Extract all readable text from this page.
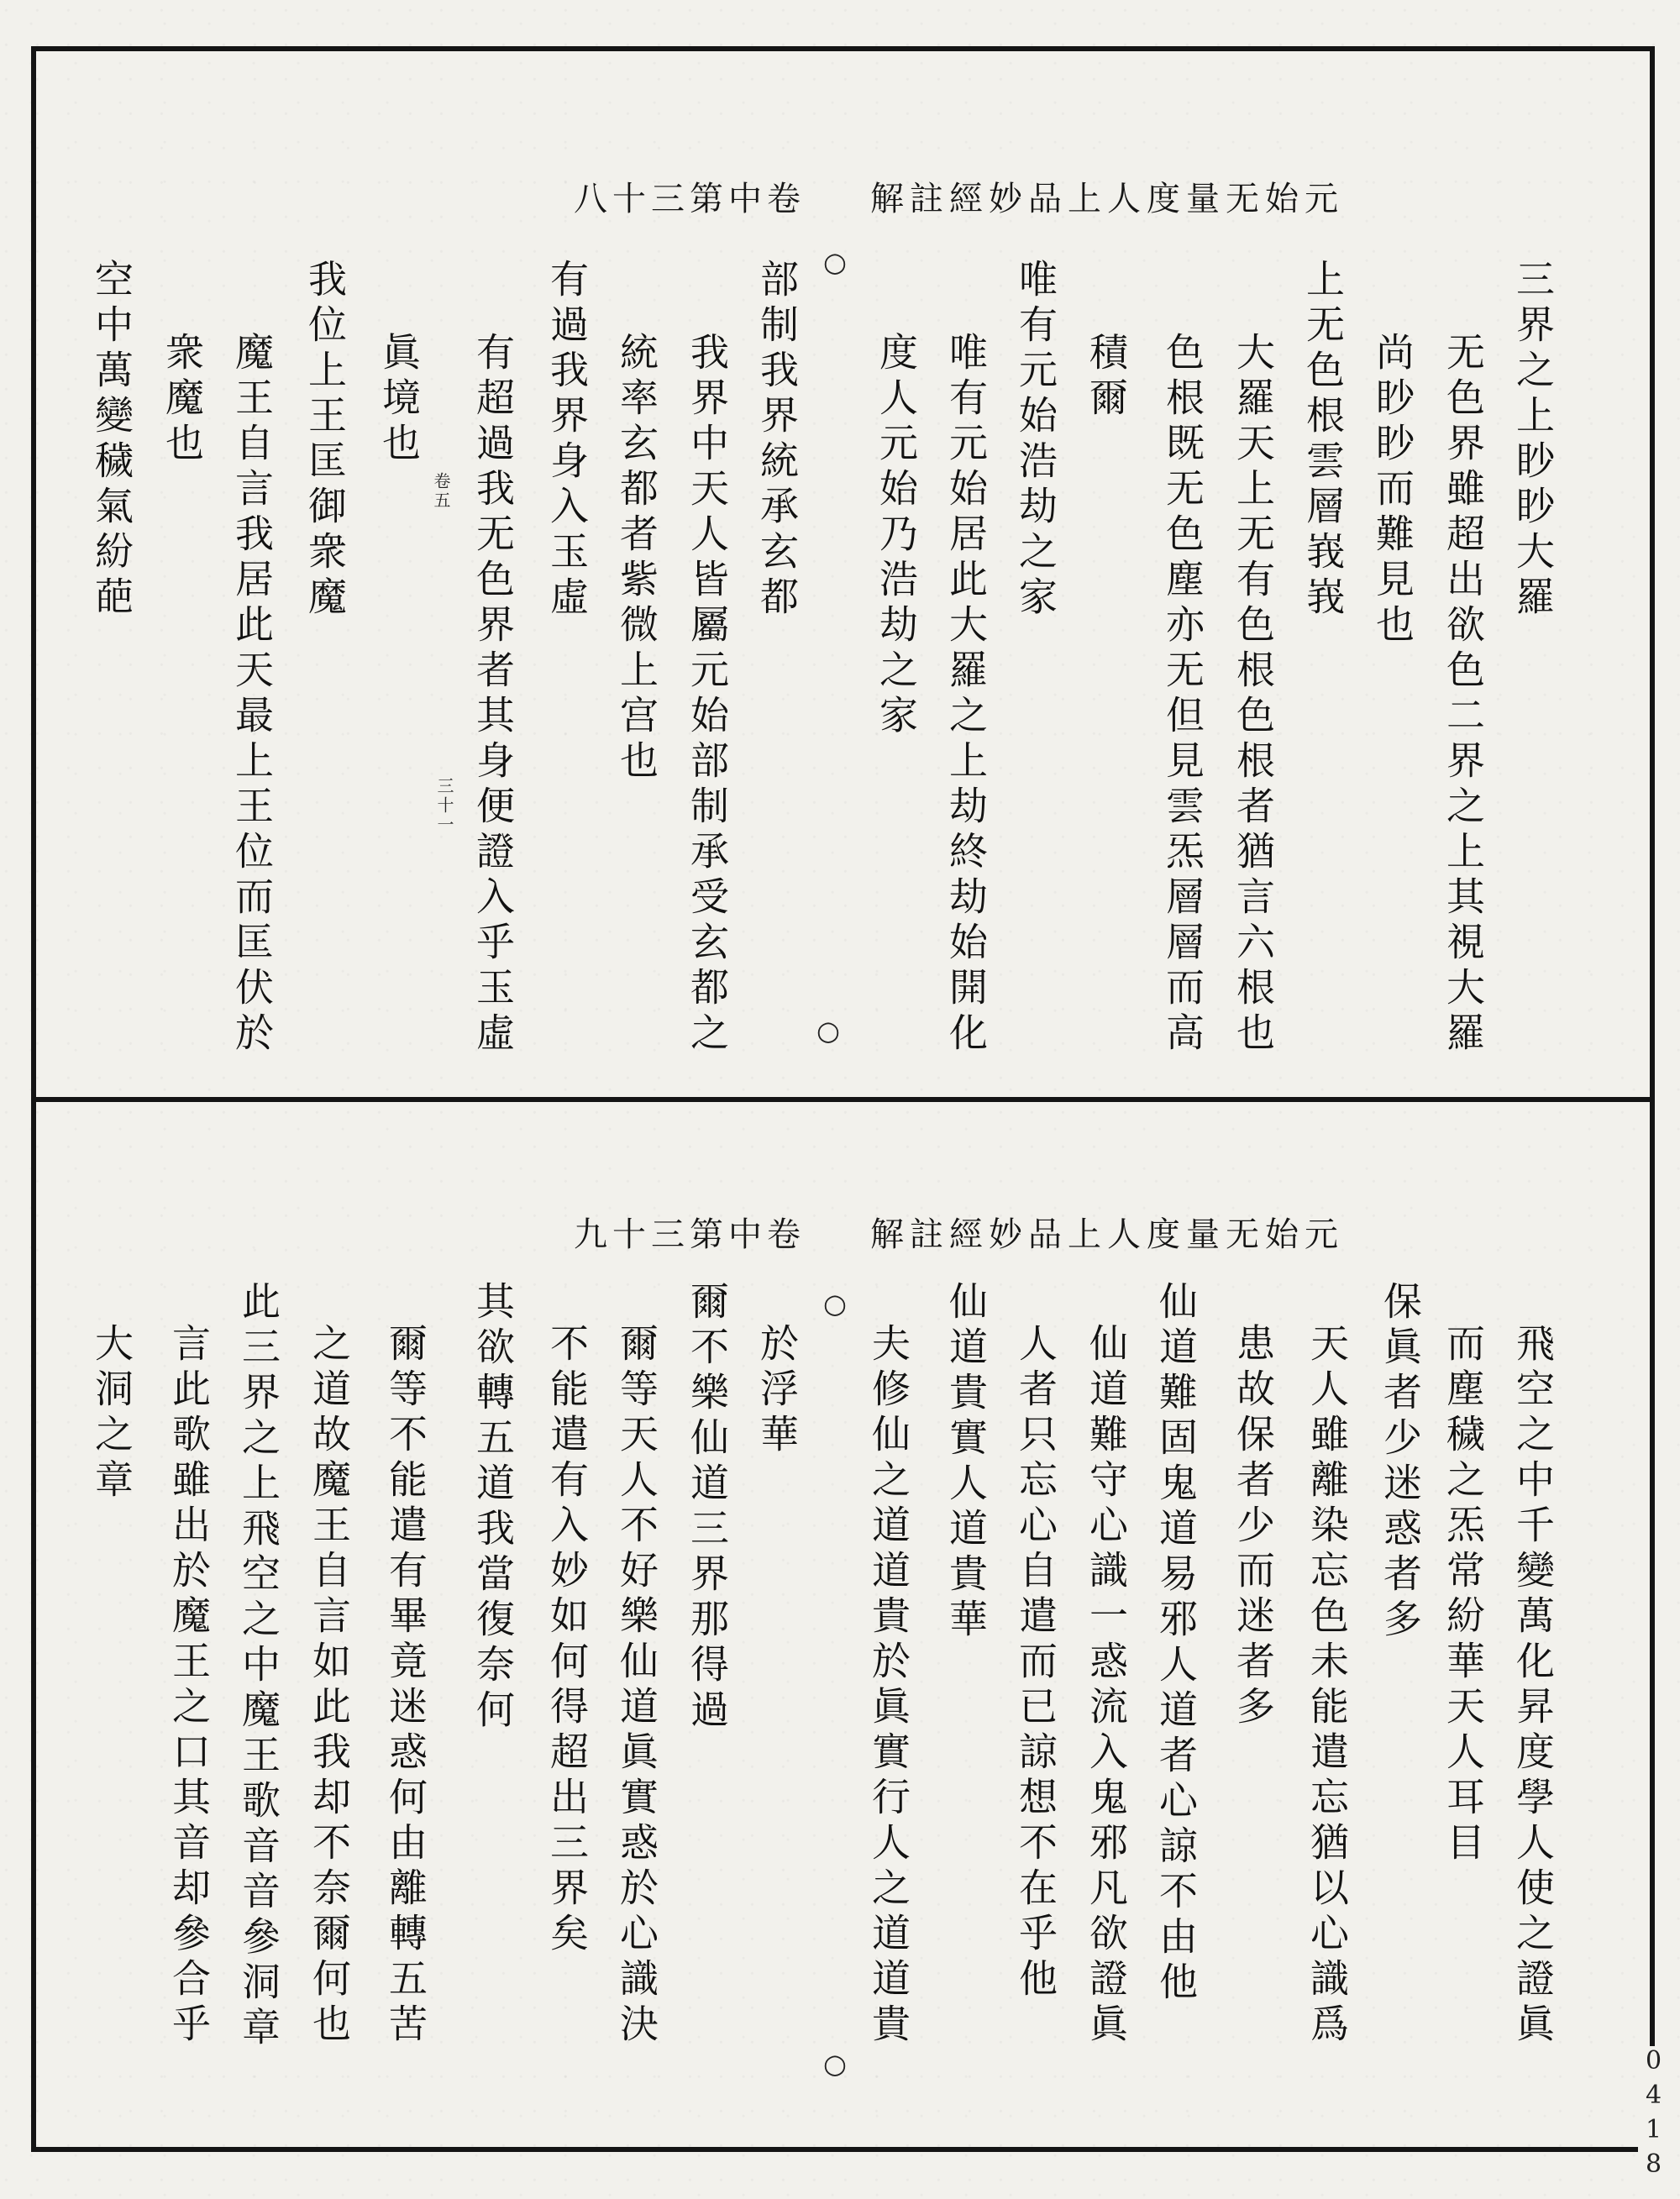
元始无量度人上品妙經註解
卷中第三十八
三界之上眇眇大羅
无色界雖超出欲色二界之上其視大羅
尚眇眇而難見也
上无色根雲層峩峩
大羅天上无有色根色根者猶言六根也
色根既无色塵亦无但見雲炁層層而高
積爾
唯有元始浩劫之家
唯有元始居此大羅之上劫終劫始開化
度人元始乃浩劫之家
○
○
部制我界統承玄都
我界中天人皆屬元始部制承受玄都之
統率玄都者紫微上宫也
有過我界身入玉虛
有超過我无色界者其身便證入乎玉虛
卷五
三十一
眞境也
我位上王匡御衆魔
魔王自言我居此天最上王位而匡伏於
衆魔也
空中萬變穢氣紛葩
元始无量度人上品妙經註解
卷中第三十九
飛空之中千變萬化昇度學人使之證眞
而塵穢之炁常紛華天人耳目
保眞者少迷惑者多
天人雖離染忘色未能遣忘猶以心識爲
患故保者少而迷者多
仙道難固鬼道易邪人道者心諒不由他
仙道難守心識一惑流入鬼邪凡欲證眞
人者只忘心自遣而已諒想不在乎他
仙道貴實人道貴華
夫修仙之道道貴於眞實行人之道道貴
○
○
於浮華
爾不樂仙道三界那得過
爾等天人不好樂仙道眞實惑於心識決
不能遣有入妙如何得超出三界矣
其欲轉五道我當復奈何
爾等不能遣有畢竟迷惑何由離轉五苦
之道故魔王自言如此我却不奈爾何也
此三界之上飛空之中魔王歌音音參洞章
言此歌雖出於魔王之口其音却參合乎
大洞之章
0418
